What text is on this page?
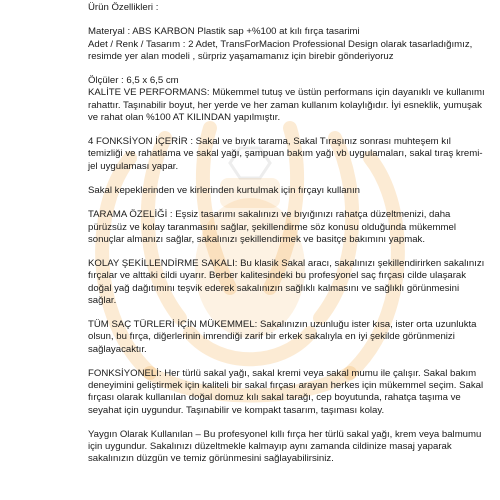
Ürün Özellikleri :

Materyal : ABS KARBON Plastik sap +%100 at kılı fırça tasarimi
Adet / Renk / Tasarım : 2 Adet, TransForMacion Professional Design olarak tasarladığımız, resimde yer alan modeli , sürpriz yaşamamanız için birebir gönderiyoruz

Ölçüler : 6,5 x 6,5 cm
KALİTE VE PERFORMANS: Mükemmel tutuş ve üstün performans için dayanıklı ve kullanımı rahattır. Taşınabilir boyut, her yerde ve her zaman kullanım kolaylığıdır. İyi esneklik, yumuşak ve rahat olan %100 AT KILINDAN yapılmıştır.

4 FONKSİYON İÇERİR : Sakal ve bıyık tarama, Sakal Tıraşınız sonrası muhteşem kıl temizliği ve rahatlama ve sakal yağı, şampuan bakım yağı vb uygulamaları, sakal tıraş kremi-jel uygulaması yapar.

Sakal kepeklerinden ve kirlerinden kurtulmak için fırçayı kullanın

TARAMA ÖZELİĞİ : Eşsiz tasarımı sakalınızı ve bıyığınızı rahatça düzeltmenizi, daha pürüzsüz ve kolay taranmasını sağlar, şekillendirme söz konusu olduğunda mükemmel sonuçlar almanızı sağlar, sakalınızı şekillendirmek ve basitçe bakımını yapmak.

KOLAY ŞEKİLLENDİRME SAKALI: Bu klasik Sakal aracı, sakalınızı şekillendirirken sakalınızı fırçalar ve alttaki cildi uyarır. Berber kalitesindeki bu profesyonel saç fırçası cilde ulaşarak doğal yağ dağıtımını teşvik ederek sakalınızın sağlıklı kalmasını ve sağlıklı görünmesini sağlar.

TÜM SAÇ TÜRLERİ İÇİN MÜKEMMEL: Sakalınızın uzunluğu ister kısa, ister orta uzunlukta olsun, bu fırça, diğerlerinin imrendiği zarif bir erkek sakalıyla en iyi şekilde görünmenizi sağlayacaktır.

FONKSİYONELİ: Her türlü sakal yağı, sakal kremi veya sakal mumu ile çalışır. Sakal bakım deneyimini geliştirmek için kaliteli bir sakal fırçası arayan herkes için mükemmel seçim. Sakal fırçası olarak kullanılan doğal domuz kılı sakal tarağı, cep boyutunda, rahatça taşıma ve seyahat için uygundur. Taşınabilir ve kompakt tasarım, taşıması kolay.

Yaygın Olarak Kullanılan – Bu profesyonel kıllı fırça her türlü sakal yağı, krem veya balmumu için uygundur. Sakalınızı düzeltmekle kalmayıp aynı zamanda cildinize masaj yaparak sakalınızın düzgün ve temiz görünmesini sağlayabilirsiniz.
